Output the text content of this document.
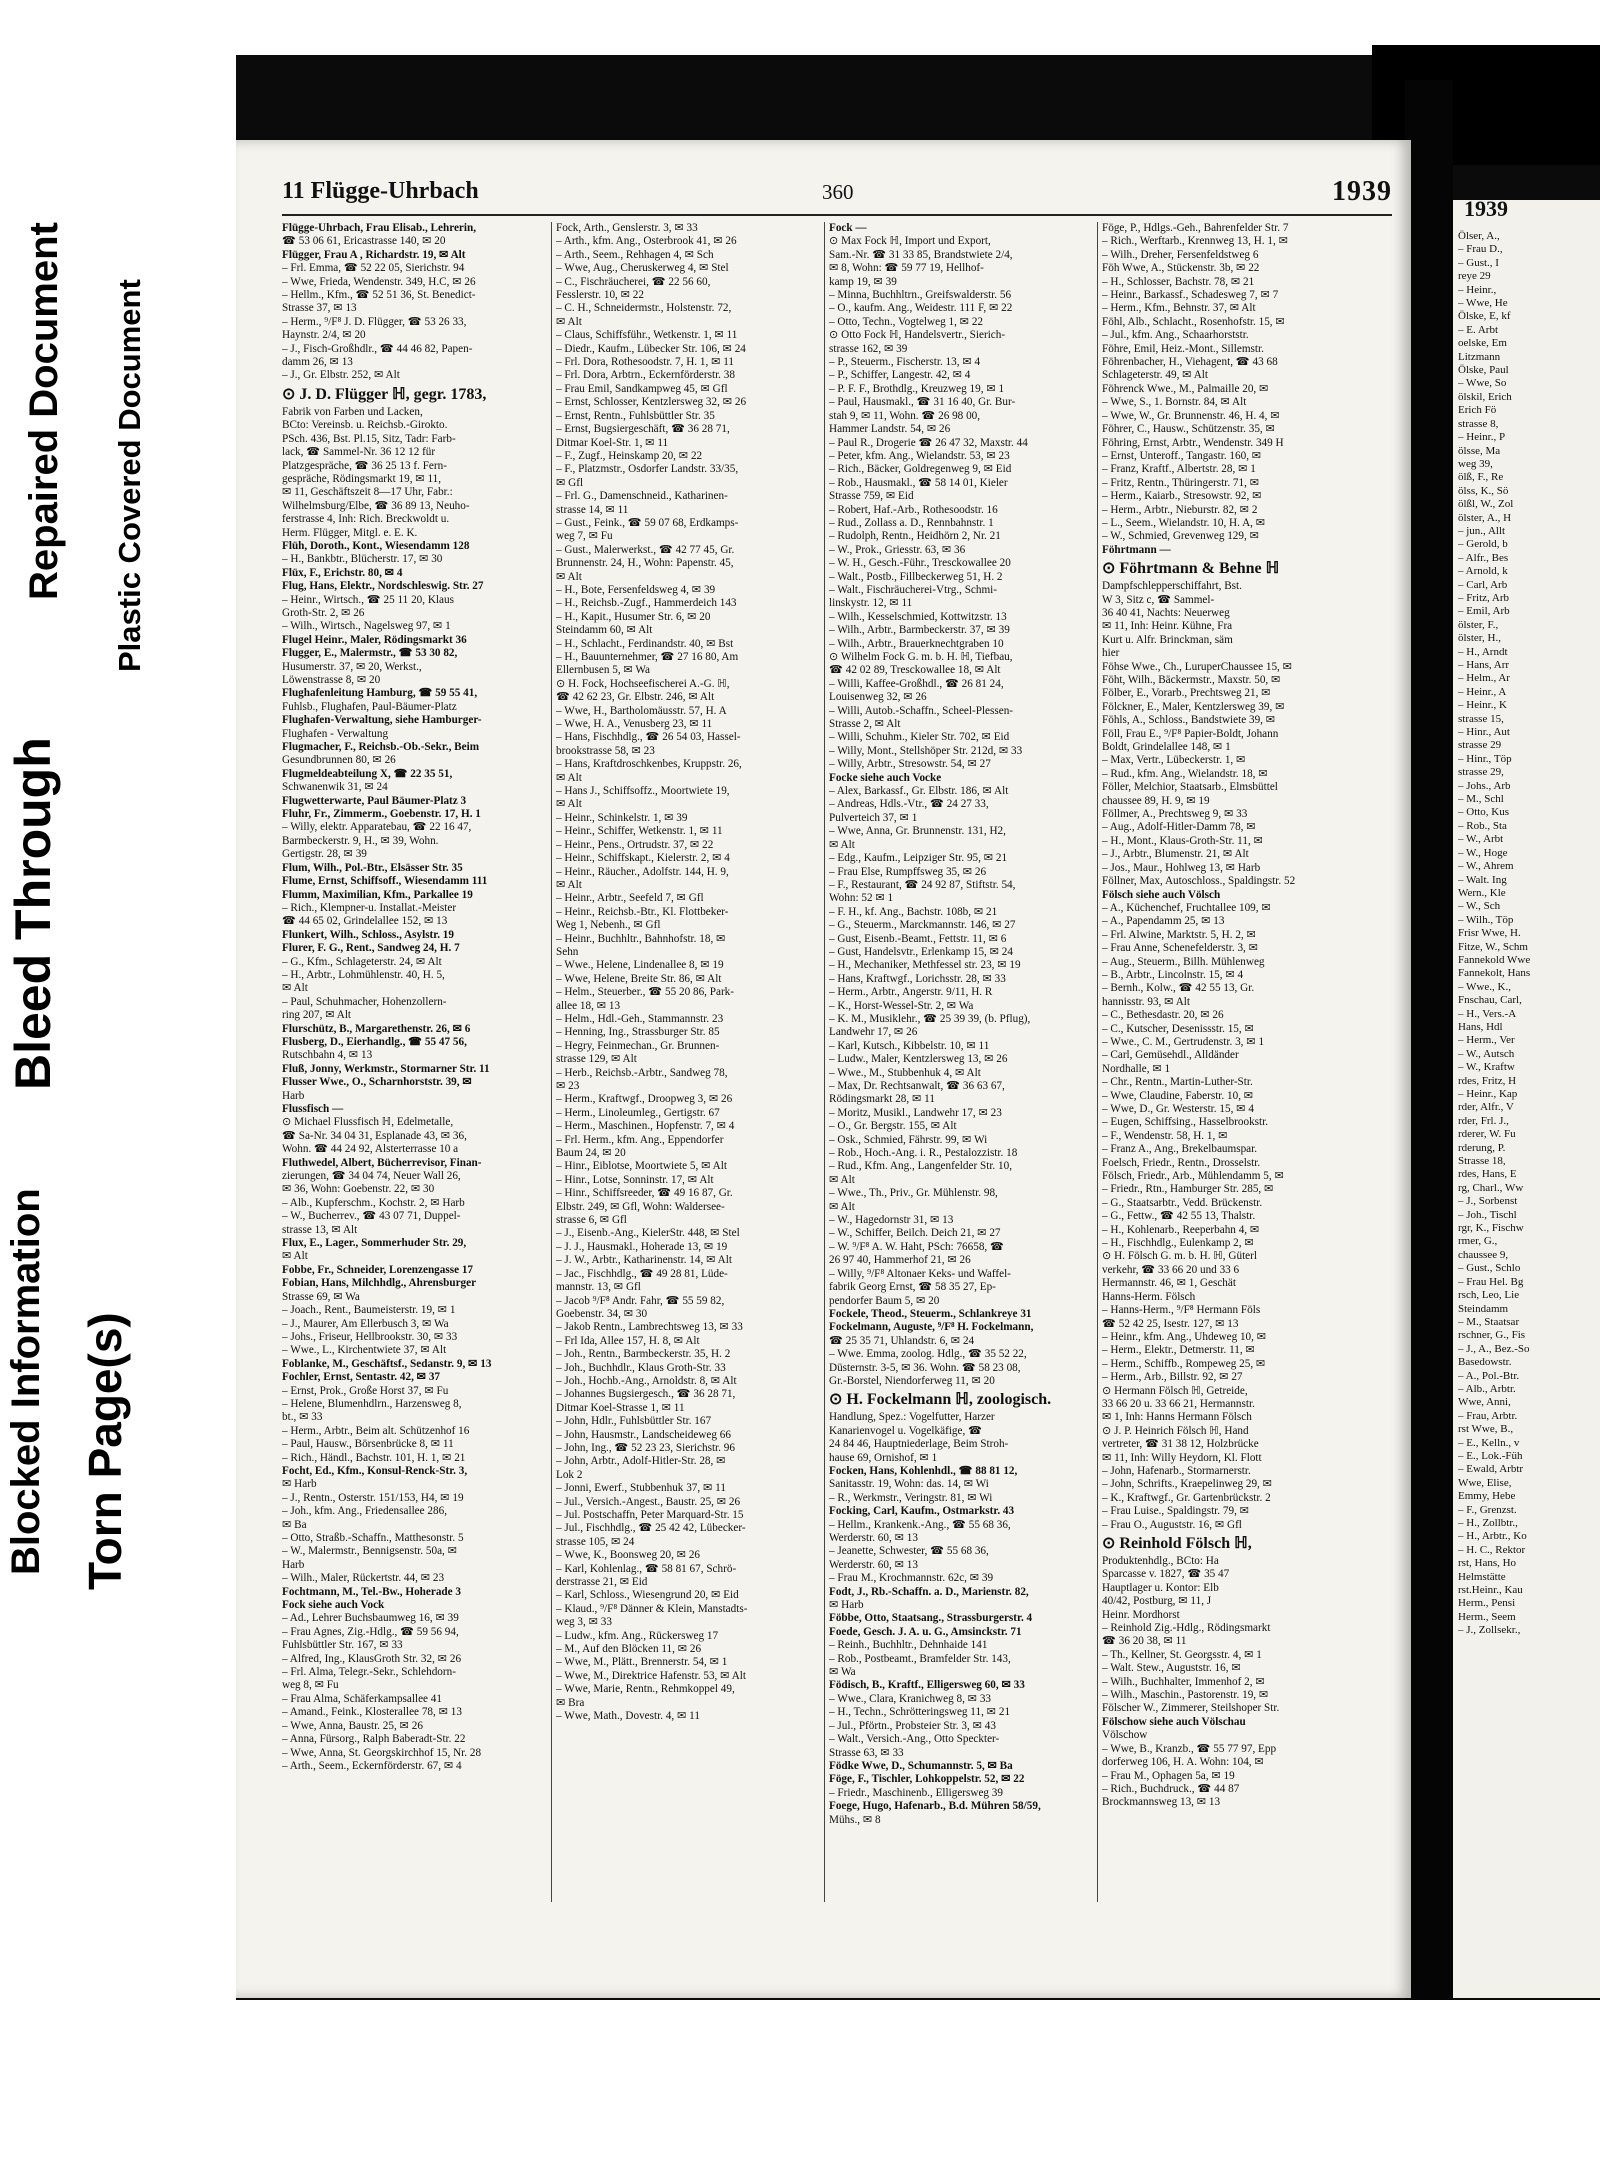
Blocked Information
Bleed Through
Repaired Document
Torn Page(s)
Plastic Covered Document
11 Flügge-Uhrbach	360	1939

Flügge-Uhrbach, Frau Elisab., Lehrerin,

☎ 53 06 61, Ericastrasse 140, ✉ 20

Flügger, Frau A , Richardstr. 19, ✉ Alt

– Frl. Emma, ☎ 52 22 05, Sierichstr. 94

– Wwe, Frieda, Wendenstr. 349, H.C, ✉ 26

– Hellm., Kfm., ☎ 52 51 36, St. Benedict-

Strasse 37, ✉ 13

– Herm., ⁹/F⁸ J. D. Flügger, ☎ 53 26 33,

Haynstr. 2/4, ✉ 20

– J., Fisch-Großhdlr., ☎ 44 46 82, Papen-

damm 26, ✉ 13

– J., Gr. Elbstr. 252, ✉ Alt

⊙ J. D. Flügger ℍ, gegr. 1783,

Fabrik von Farben und Lacken,

BCto: Vereinsb. u. Reichsb.-Girokto.

PSch. 436, Bst. Pl.15, Sitz, Tadr: Farb-

lack, ☎ Sammel-Nr. 36 12 12 für

Platzgespräche, ☎ 36 25 13 f. Fern-

gespräche, Rödingsmarkt 19, ✉ 11,

✉ 11, Geschäftszeit 8—17 Uhr, Fabr.:

Wilhelmsburg/Elbe, ☎ 36 89 13, Neuho-

ferstrasse 4, Inh: Rich. Breckwoldt u.

Herm. Flügger, Mitgl. e. E. K.

Flüh, Doroth., Kont., Wiesendamm 128

– H., Bankbtr., Blücherstr. 17, ✉ 30

Flüx, F., Erichstr. 80, ✉ 4

Flug, Hans, Elektr., Nordschleswig. Str. 27

– Heinr., Wirtsch., ☎ 25 11 20, Klaus

Groth-Str. 2, ✉ 26

– Wilh., Wirtsch., Nagelsweg 97, ✉ 1

Flugel Heinr., Maler, Rödingsmarkt 36

Flugger, E., Malermstr., ☎ 53 30 82,

Husumerstr. 37, ✉ 20, Werkst.,

Löwenstrasse 8, ✉ 20

Flughafenleitung Hamburg, ☎ 59 55 41,

Fuhlsb., Flughafen, Paul-Bäumer-Platz

Flughafen-Verwaltung, siehe Hamburger-

Flughafen - Verwaltung

Flugmacher, F., Reichsb.-Ob.-Sekr., Beim

Gesundbrunnen 80, ✉ 26

Flugmeldeabteilung X, ☎ 22 35 51,

Schwanenwik 31, ✉ 24

Flugwetterwarte, Paul Bäumer-Platz 3

Fluhr, Fr., Zimmerm., Goebenstr. 17, H. 1

– Willy, elektr. Apparatebau, ☎ 22 16 47,

Barmbeckerstr. 9, H., ✉ 39, Wohn.

Gertigstr. 28, ✉ 39

Flum, Wilh., Pol.-Btr., Elsässer Str. 35

Flume, Ernst, Schiffsoff., Wiesendamm 111

Flumm, Maximilian, Kfm., Parkallee 19

– Rich., Klempner-u. Installat.-Meister

☎ 44 65 02, Grindelallee 152, ✉ 13

Flunkert, Wilh., Schloss., Asylstr. 19

Flurer, F. G., Rent., Sandweg 24, H. 7

– G., Kfm., Schlageterstr. 24, ✉ Alt

– H., Arbtr., Lohmühlenstr. 40, H. 5,

✉ Alt

– Paul, Schuhmacher, Hohenzollern-

ring 207, ✉ Alt

Flurschütz, B., Margarethenstr. 26, ✉ 6

Flusberg, D., Eierhandlg., ☎ 55 47 56,

Rutschbahn 4, ✉ 13

Fluß, Jonny, Werkmstr., Stormarner Str. 11

Flusser Wwe., O., Scharnhorststr. 39, ✉

Harb

Flussfisch —

⊙ Michael Flussfisch ℍ, Edelmetalle,

☎ Sa-Nr. 34 04 31, Esplanade 43, ✉ 36,

Wohn. ☎ 44 24 92, Alsterterrasse 10 a

Fluthwedel, Albert, Bücherrevisor, Finan-

zierungen, ☎ 34 04 74, Neuer Wall 26,

✉ 36, Wohn: Goebenstr. 22, ✉ 30

– Alb., Kupferschm., Kochstr. 2, ✉ Harb

– W., Bucherrev., ☎ 43 07 71, Duppel-

strasse 13, ✉ Alt

Flux, E., Lager., Sommerhuder Str. 29,

✉ Alt

Fobbe, Fr., Schneider, Lorenzengasse 17

Fobian, Hans, Milchhdlg., Ahrensburger

Strasse 69, ✉ Wa

– Joach., Rent., Baumeisterstr. 19, ✉ 1

– J., Maurer, Am Ellerbusch 3, ✉ Wa

– Johs., Friseur, Hellbrookstr. 30, ✉ 33

– Wwe., L., Kirchentwiete 37, ✉ Alt

Foblanke, M., Geschäftsf., Sedanstr. 9, ✉ 13

Fochler, Ernst, Sentastr. 42, ✉ 37

– Ernst, Prok., Große Horst 37, ✉ Fu

– Helene, Blumenhdlrn., Harzensweg 8,

bt., ✉ 33

– Herm., Arbtr., Beim alt. Schützenhof 16

– Paul, Hausw., Börsenbrücke 8, ✉ 11

– Rich., Händl., Bachstr. 101, H. 1, ✉ 21

Focht, Ed., Kfm., Konsul-Renck-Str. 3,

✉ Harb

– J., Rentn., Osterstr. 151/153, H4, ✉ 19

– Joh., kfm. Ang., Friedensallee 286,

✉ Ba

– Otto, Straßb.-Schaffn., Matthesonstr. 5

– W., Malermstr., Bennigsenstr. 50a, ✉

Harb

– Wilh., Maler, Rückertstr. 44, ✉ 23

Fochtmann, M., Tel.-Bw., Hoherade 3

Fock siehe auch Vock

– Ad., Lehrer Buchsbaumweg 16, ✉ 39

– Frau Agnes, Zig.-Hdlg., ☎ 59 56 94,

Fuhlsbüttler Str. 167, ✉ 33

– Alfred, Ing., KlausGroth Str. 32, ✉ 26

– Frl. Alma, Telegr.-Sekr., Schlehdorn-

weg 8, ✉ Fu

– Frau Alma, Schäferkampsallee 41

– Amand., Feink., Klosterallee 78, ✉ 13

– Wwe, Anna, Baustr. 25, ✉ 26

– Anna, Fürsorg., Ralph Baberadt-Str. 22

– Wwe, Anna, St. Georgskirchhof 15, Nr. 28

– Arth., Seem., Eckernförderstr. 67, ✉ 4

Fock, Arth., Genslerstr. 3, ✉ 33

– Arth., kfm. Ang., Osterbrook 41, ✉ 26

– Arth., Seem., Rehhagen 4, ✉ Sch

– Wwe, Aug., Cheruskerweg 4, ✉ Stel

– C., Fischräucherei, ☎ 22 56 60,

Fesslerstr. 10, ✉ 22

– C. H., Schneidermstr., Holstenstr. 72,

✉ Alt

– Claus, Schiffsführ., Wetkenstr. 1, ✉ 11

– Diedr., Kaufm., Lübecker Str. 106, ✉ 24

– Frl. Dora, Rothesoodstr. 7, H. 1, ✉ 11

– Frl. Dora, Arbtrn., Eckernförderstr. 38

– Frau Emil, Sandkampweg 45, ✉ Gfl

– Ernst, Schlosser, Kentzlersweg 32, ✉ 26

– Ernst, Rentn., Fuhlsbüttler Str. 35

– Ernst, Bugsiergeschäft, ☎ 36 28 71,

Ditmar Koel-Str. 1, ✉ 11

– F., Zugf., Heinskamp 20, ✉ 22

– F., Platzmstr., Osdorfer Landstr. 33/35,

✉ Gfl

– Frl. G., Damenschneid., Katharinen-

strasse 14, ✉ 11

– Gust., Feink., ☎ 59 07 68, Erdkamps-

weg 7, ✉ Fu

– Gust., Malerwerkst., ☎ 42 77 45, Gr.

Brunnenstr. 24, H., Wohn: Papenstr. 45,

✉ Alt

– H., Bote, Fersenfeldsweg 4, ✉ 39

– H., Reichsb.-Zugf., Hammerdeich 143

– H., Kapit., Husumer Str. 6, ✉ 20

Steindamm 60, ✉ Alt

– H., Schlacht., Ferdinandstr. 40, ✉ Bst

– H., Bauunternehmer, ☎ 27 16 80, Am

Ellernbusen 5, ✉ Wa

⊙ H. Fock, Hochseefischerei A.-G. ℍ,

☎ 42 62 23, Gr. Elbstr. 246, ✉ Alt

– Wwe, H., Bartholomäusstr. 57, H. A

– Wwe, H. A., Venusberg 23, ✉ 11

– Hans, Fischhdlg., ☎ 26 54 03, Hassel-

brookstrasse 58, ✉ 23

– Hans, Kraftdroschkenbes, Kruppstr. 26,

✉ Alt

– Hans J., Schiffsoffz., Moortwiete 19,

✉ Alt

– Heinr., Schinkelstr. 1, ✉ 39

– Heinr., Schiffer, Wetkenstr. 1, ✉ 11

– Heinr., Pens., Ortrudstr. 37, ✉ 22

– Heinr., Schiffskapt., Kielerstr. 2, ✉ 4

– Heinr., Räucher., Adolfstr. 144, H. 9,

✉ Alt

– Heinr., Arbtr., Seefeld 7, ✉ Gfl

– Heinr., Reichsb.-Btr., Kl. Flottbeker-

Weg 1, Nebenh., ✉ Gfl

– Heinr., Buchhltr., Bahnhofstr. 18, ✉

Sehn

– Wwe., Helene, Lindenallee 8, ✉ 19

– Wwe, Helene, Breite Str. 86, ✉ Alt

– Helm., Steuerber., ☎ 55 20 86, Park-

allee 18, ✉ 13

– Helm., Hdl.-Geh., Stammannstr. 23

– Henning, Ing., Strassburger Str. 85

– Hegry, Feinmechan., Gr. Brunnen-

strasse 129, ✉ Alt

– Herb., Reichsb.-Arbtr., Sandweg 78,

✉ 23

– Herm., Kraftwgf., Droopweg 3, ✉ 26

– Herm., Linoleumleg., Gertigstr. 67

– Herm., Maschinen., Hopfenstr. 7, ✉ 4

– Frl. Herm., kfm. Ang., Eppendorfer

Baum 24, ✉ 20

– Hinr., Eiblotse, Moortwiete 5, ✉ Alt

– Hinr., Lotse, Sonninstr. 17, ✉ Alt

– Hinr., Schiffsreeder, ☎ 49 16 87, Gr.

Elbstr. 249, ✉ Gfl, Wohn: Waldersee-

strasse 6, ✉ Gfl

– J., Eisenb.-Ang., KielerStr. 448, ✉ Stel

– J. J., Hausmakl., Hoherade 13, ✉ 19

– J. W., Arbtr., Katharinenstr. 14, ✉ Alt

– Jac., Fischhdlg., ☎ 49 28 81, Lüde-

mannstr. 13, ✉ Gfl

– Jacob ⁹/F⁸ Andr. Fahr, ☎ 55 59 82,

Goebenstr. 34, ✉ 30

– Jakob Rentn., Lambrechtsweg 13, ✉ 33

– Frl Ida, Allee 157, H. 8, ✉ Alt

– Joh., Rentn., Barmbeckerstr. 35, H. 2

– Joh., Buchhdlr., Klaus Groth-Str. 33

– Joh., Hochb.-Ang., Arnoldstr. 8, ✉ Alt

– Johannes Bugsiergesch., ☎ 36 28 71,

Ditmar Koel-Strasse 1, ✉ 11

– John, Hdlr., Fuhlsbüttler Str. 167

– John, Hausmstr., Landscheideweg 66

– John, Ing., ☎ 52 23 23, Sierichstr. 96

– John, Arbtr., Adolf-Hitler-Str. 28, ✉

Lok 2

– Jonni, Ewerf., Stubbenhuk 37, ✉ 11

– Jul., Versich.-Angest., Baustr. 25, ✉ 26

– Jul. Postschaffn, Peter Marquard-Str. 15

– Jul., Fischhdlg., ☎ 25 42 42, Lübecker-

strasse 105, ✉ 24

– Wwe, K., Boonsweg 20, ✉ 26

– Karl, Kohlenlag., ☎ 58 81 67, Schrö-

derstrasse 21, ✉ Eid

– Karl, Schloss., Wiesengrund 20, ✉ Eid

– Klaud., ⁹/F⁸ Dänner & Klein, Manstadts-

weg 3, ✉ 33

– Ludw., kfm. Ang., Rückersweg 17

– M., Auf den Blöcken 11, ✉ 26

– Wwe, M., Plätt., Brennerstr. 54, ✉ 1

– Wwe, M., Direktrice Hafenstr. 53, ✉ Alt

– Wwe, Marie, Rentn., Rehmkoppel 49,

✉ Bra

– Wwe, Math., Dovestr. 4, ✉ 11

Fock —

⊙ Max Fock ℍ, Import und Export,

Sam.-Nr. ☎ 31 33 85, Brandstwiete 2/4,

✉ 8, Wohn: ☎ 59 77 19, Hellhof-

kamp 19, ✉ 39

– Minna, Buchhltrn., Greifswalderstr. 56

– O., kaufm. Ang., Weidestr. 111 F, ✉ 22

– Otto, Techn., Vogtelweg 1, ✉ 22

⊙ Otto Fock ℍ, Handelsvertr., Sierich-

strasse 162, ✉ 39

– P., Steuerm., Fischerstr. 13, ✉ 4

– P., Schiffer, Langestr. 42, ✉ 4

– P. F. F., Brothdlg., Kreuzweg 19, ✉ 1

– Paul, Hausmakl., ☎ 31 16 40, Gr. Bur-

stah 9, ✉ 11, Wohn. ☎ 26 98 00,

Hammer Landstr. 54, ✉ 26

– Paul R., Drogerie ☎ 26 47 32, Maxstr. 44

– Peter, kfm. Ang., Wielandstr. 53, ✉ 23

– Rich., Bäcker, Goldregenweg 9, ✉ Eid

– Rob., Hausmakl., ☎ 58 14 01, Kieler

Strasse 759, ✉ Eid

– Robert, Haf.-Arb., Rothesoodstr. 16

– Rud., Zollass a. D., Rennbahnstr. 1

– Rudolph, Rentn., Heidhörn 2, Nr. 21

– W., Prok., Griesstr. 63, ✉ 36

– W. H., Gesch.-Führ., Tresckowallee 20

– Walt., Postb., Fillbeckerweg 51, H. 2

– Walt., Fischräucherei-Vtrg., Schmi-

linskystr. 12, ✉ 11

– Wilh., Kesselschmied, Kottwitzstr. 13

– Wilh., Arbtr., Barmbeckerstr. 37, ✉ 39

– Wilh., Arbtr., Brauerknechtgraben 10

⊙ Wilhelm Fock G. m. b. H. ℍ, Tiefbau,

☎ 42 02 89, Tresckowallee 18, ✉ Alt

– Willi, Kaffee-Großhdl., ☎ 26 81 24,

Louisenweg 32, ✉ 26

– Willi, Autob.-Schaffn., Scheel-Plessen-

Strasse 2, ✉ Alt

– Willi, Schuhm., Kieler Str. 702, ✉ Eid

– Willy, Mont., Stellshöper Str. 212d, ✉ 33

– Willy, Arbtr., Stresowstr. 54, ✉ 27

Focke siehe auch Vocke

– Alex, Barkassf., Gr. Elbstr. 186, ✉ Alt

– Andreas, Hdls.-Vtr., ☎ 24 27 33,

Pulverteich 37, ✉ 1

– Wwe, Anna, Gr. Brunnenstr. 131, H2,

✉ Alt

– Edg., Kaufm., Leipziger Str. 95, ✉ 21

– Frau Else, Rumpffsweg 35, ✉ 26

– F., Restaurant, ☎ 24 92 87, Stiftstr. 54,

Wohn: 52 ✉ 1

– F. H., kf. Ang., Bachstr. 108b, ✉ 21

– G., Steuerm., Marckmannstr. 146, ✉ 27

– Gust, Eisenb.-Beamt., Fettstr. 11, ✉ 6

– Gust, Handelsvtr., Erlenkamp 15, ✉ 24

– H., Mechaniker, Methfessel str. 23, ✉ 19

– Hans, Kraftwgf., Lorichsstr. 28, ✉ 33

– Herm., Arbtr., Angerstr. 9/11, H. R

– K., Horst-Wessel-Str. 2, ✉ Wa

– K. M., Musiklehr., ☎ 25 39 39, (b. Pflug),

Landwehr 17, ✉ 26

– Karl, Kutsch., Kibbelstr. 10, ✉ 11

– Ludw., Maler, Kentzlersweg 13, ✉ 26

– Wwe., M., Stubbenhuk 4, ✉ Alt

– Max, Dr. Rechtsanwalt, ☎ 36 63 67,

Rödingsmarkt 28, ✉ 11

– Moritz, Musikl., Landwehr 17, ✉ 23

– O., Gr. Bergstr. 155, ✉ Alt

– Osk., Schmied, Fährstr. 99, ✉ Wi

– Rob., Hoch.-Ang. i. R., Pestalozzistr. 18

– Rud., Kfm. Ang., Langenfelder Str. 10,

✉ Alt

– Wwe., Th., Priv., Gr. Mühlenstr. 98,

✉ Alt

– W., Hagedornstr 31, ✉ 13

– W., Schiffer, Beilch. Deich 21, ✉ 27

– W. ⁹/F⁸ A. W. Haht, PSch: 76658, ☎

26 97 40, Hammerhof 21, ✉ 26

– Willy, ⁹/F⁸ Altonaer Keks- und Waffel-

fabrik Georg Ernst, ☎ 58 35 27, Ep-

pendorfer Baum 5, ✉ 20

Fockele, Theod., Steuerm., Schlankreye 31

Fockelmann, Auguste, ⁹/F⁸ H. Fockelmann,

☎ 25 35 71, Uhlandstr. 6, ✉ 24

– Wwe. Emma, zoolog. Hdlg., ☎ 35 52 22,

Düsternstr. 3-5, ✉ 36. Wohn. ☎ 58 23 08,

Gr.-Borstel, Niendorferweg 11, ✉ 20

⊙ H. Fockelmann ℍ, zoologisch.

Handlung, Spez.: Vogelfutter, Harzer

Kanarienvogel u. Vogelkäfige, ☎

24 84 46, Hauptniederlage, Beim Stroh-

hause 69, Ornishof, ✉ 1

Focken, Hans, Kohlenhdl., ☎ 88 81 12,

Sanitasstr. 19, Wohn: das. 14, ✉ Wi

– R., Werkmstr., Veringstr. 81, ✉ Wi

Focking, Carl, Kaufm., Ostmarkstr. 43

– Hellm., Krankenk.-Ang., ☎ 55 68 36,

Werderstr. 60, ✉ 13

– Jeanette, Schwester, ☎ 55 68 36,

Werderstr. 60, ✉ 13

– Frau M., Krochmannstr. 62c, ✉ 39

Fodt, J., Rb.-Schaffn. a. D., Marienstr. 82,

✉ Harb

Föbbe, Otto, Staatsang., Strassburgerstr. 4

Foede, Gesch. J. A. u. G., Amsinckstr. 71

– Reinh., Buchhltr., Dehnhaide 141

– Rob., Postbeamt., Bramfelder Str. 143,

✉ Wa

Födisch, B., Kraftf., Elligersweg 60, ✉ 33

– Wwe., Clara, Kranichweg 8, ✉ 33

– H., Techn., Schrötteringsweg 11, ✉ 21

– Jul., Pförtn., Probsteier Str. 3, ✉ 43

– Walt., Versich.-Ang., Otto Speckter-

Strasse 63, ✉ 33

Födke Wwe, D., Schumannstr. 5, ✉ Ba

Föge, F., Tischler, Lohkoppelstr. 52, ✉ 22

– Friedr., Maschinenb., Elligersweg 39

Foege, Hugo, Hafenarb., B.d. Mühren 58/59,

Mühs., ✉ 8

Föge, P., Hdlgs.-Geh., Bahrenfelder Str. 7

– Rich., Werftarb., Krennweg 13, H. 1, ✉

– Wilh., Dreher, Fersenfeldstweg 6

Föh Wwe, A., Stückenstr. 3b, ✉ 22

– H., Schlosser, Bachstr. 78, ✉ 21

– Heinr., Barkassf., Schadesweg 7, ✉ 7

– Herm., Kfm., Behnstr. 37, ✉ Alt

Föhl, Alb., Schlacht., Rosenhofstr. 15, ✉

– Jul., kfm. Ang., Schaarhorststr.

Föhre, Emil, Heiz.-Mont., Sillemstr.

Föhrenbacher, H., Viehagent, ☎ 43 68

Schlageterstr. 49, ✉ Alt

Föhrenck Wwe., M., Palmaille 20, ✉

– Wwe, S., 1. Bornstr. 84, ✉ Alt

– Wwe, W., Gr. Brunnenstr. 46, H. 4, ✉

Föhrer, C., Hausw., Schützenstr. 35, ✉

Föhring, Ernst, Arbtr., Wendenstr. 349 H

– Ernst, Unteroff., Tangastr. 160, ✉

– Franz, Kraftf., Albertstr. 28, ✉ 1

– Fritz, Rentn., Thüringerstr. 71, ✉

– Herm., Kaiarb., Stresowstr. 92, ✉

– Herm., Arbtr., Nieburstr. 82, ✉ 2

– L., Seem., Wielandstr. 10, H. A, ✉

– W., Schmied, Grevenweg 129, ✉

Föhrtmann —

⊙ Föhrtmann & Behne ℍ

Dampfschlepperschiffahrt, Bst.

W 3, Sitz c, ☎ Sammel-

36 40 41, Nachts: Neuerweg

✉ 11, Inh: Heinr. Kühne, Fra

Kurt u. Alfr. Brinckman, säm

hier

Föhse Wwe., Ch., LuruperChaussee 15, ✉

Föht, Wilh., Bäckermstr., Maxstr. 50, ✉

Fölber, E., Vorarb., Prechtsweg 21, ✉

Fölckner, E., Maler, Kentzlersweg 39, ✉

Föhls, A., Schloss., Bandstwiete 39, ✉

Föll, Frau E., ⁹/F⁸ Papier-Boldt, Johann

Boldt, Grindelallee 148, ✉ 1

– Max, Vertr., Lübeckerstr. 1, ✉

– Rud., kfm. Ang., Wielandstr. 18, ✉

Föller, Melchior, Staatsarb., Elmsbüttel

chaussee 89, H. 9, ✉ 19

Föllmer, A., Prechtsweg 9, ✉ 33

– Aug., Adolf-Hitler-Damm 78, ✉

– H., Mont., Klaus-Groth-Str. 11, ✉

– J., Arbtr., Blumenstr. 21, ✉ Alt

– Jos., Maur., Hohlweg 13, ✉ Harb

Föllner, Max, Autoschloss., Spaldingstr. 52

Fölsch siehe auch Völsch

– A., Küchenchef, Fruchtallee 109, ✉

– A., Papendamm 25, ✉ 13

– Frl. Alwine, Marktstr. 5, H. 2, ✉

– Frau Anne, Schenefelderstr. 3, ✉

– Aug., Steuerm., Billh. Mühlenweg

– B., Arbtr., Lincolnstr. 15, ✉ 4

– Bernh., Kolw., ☎ 42 55 13, Gr.

hannisstr. 93, ✉ Alt

– C., Bethesdastr. 20, ✉ 26

– C., Kutscher, Desenissstr. 15, ✉

– Wwe., C. M., Gertrudenstr. 3, ✉ 1

– Carl, Gemüsehdl., Alldänder

Nordhalle, ✉ 1

– Chr., Rentn., Martin-Luther-Str.

– Wwe, Claudine, Faberstr. 10, ✉

– Wwe, D., Gr. Westerstr. 15, ✉ 4

– Eugen, Schiffsing., Hasselbrookstr.

– F., Wendenstr. 58, H. 1, ✉

– Franz A., Ang., Brekelbaumspar.

Foelsch, Friedr., Rentn., Drosselstr.

Fölsch, Friedr., Arb., Mühlendamm 5, ✉

– Friedr., Rtn., Hamburger Str. 285, ✉

– G., Staatsarbtr., Vedd. Brückenstr.

– G., Fettw., ☎ 42 55 13, Thalstr.

– H., Kohlenarb., Reeperbahn 4, ✉

– H., Fischhdlg., Eulenkamp 2, ✉

⊙ H. Fölsch G. m. b. H. ℍ, Güterl

verkehr, ☎ 33 66 20 und 33 6

Hermannstr. 46, ✉ 1, Geschät

Hanns-Herm. Fölsch

– Hanns-Herm., ⁹/F⁸ Hermann Föls

☎ 52 42 25, Isestr. 127, ✉ 13

– Heinr., kfm. Ang., Uhdeweg 10, ✉

– Herm., Elektr., Detmerstr. 11, ✉

– Herm., Schiffb., Rompeweg 25, ✉

– Herm., Arb., Billstr. 92, ✉ 27

⊙ Hermann Fölsch ℍ, Getreide,

33 66 20 u. 33 66 21, Hermannstr.

✉ 1, Inh: Hanns Hermann Fölsch

⊙ J. P. Heinrich Fölsch ℍ, Hand

vertreter, ☎ 31 38 12, Holzbrücke

✉ 11, Inh: Willy Heydorn, Kl. Flott

– John, Hafenarb., Stormarnerstr.

– John, Schrifts., Kraepelinweg 29, ✉

– K., Kraftwgf., Gr. Gartenbrückstr. 2

– Frau Luise., Spaldingstr. 79, ✉

– Frau O., Auguststr. 16, ✉ Gfl

⊙ Reinhold Fölsch ℍ,

Produktenhdlg., BCto: Ha

Sparcasse v. 1827, ☎ 35 47

Hauptlager u. Kontor: Elb

40/42, Postburg, ✉ 11, J

Heinr. Mordhorst

– Reinhold Zig.-Hdlg., Rödingsmarkt

☎ 36 20 38, ✉ 11

– Th., Kellner, St. Georgsstr. 4, ✉ 1

– Walt. Stew., Auguststr. 16, ✉

– Wilh., Buchhalter, Immenhof 2, ✉

– Wilh., Maschin., Pastorenstr. 19, ✉

Fölscher W., Zimmerer, Steilshoper Str.

Fölschow siehe auch Völschau

Völschow

– Wwe, B., Kranzb., ☎ 55 77 97, Epp

dorferweg 106, H. A. Wohn: 104, ✉

– Frau M., Ophagen 5a, ✉ 19

– Rich., Buchdruck., ☎ 44 87

Brockmannsweg 13, ✉ 13

1939

Ölser, A.,

– Frau D.,

– Gust., I

reye 29

– Heinr.,

– Wwe, He

Ölske, E, kf

– E. Arbt

oelske, Em

Litzmann

Ölske, Paul

– Wwe, So

ölskil, Erich

Erich Fö

strasse 8,

– Heinr., P

ölsse, Ma

weg 39,

ölß, F., Re

ölss, K., Sö

ölßl, W., Zol

ölster, A., H

– jun., Allt

– Gerold, b

– Alfr., Bes

– Arnold, k

– Carl, Arb

– Fritz, Arb

– Emil, Arb

ölster, F.,

ölster, H.,

– H., Arndt

– Hans, Arr

– Helm., Ar

– Heinr., A

– Heinr., K

strasse 15,

– Hinr., Aut

strasse 29

– Hinr., Töp

strasse 29,

– Johs., Arb

– M., Schl

– Otto, Kus

– Rob., Sta

– W., Arbt

– W., Hoge

– W., Ahrem

– Walt. Ing

Wern., Kle

– W., Sch

– Wilh., Töp

Frisr Wwe, H.

Fitze, W., Schm

Fannekold Wwe

Fannekolt, Hans

– Wwe., K.,

Fnschau, Carl,

– H., Vers.-A

Hans, Hdl

– Herm., Ver

– W., Autsch

– W., Kraftw

rdes, Fritz, H

– Heinr., Kap

rder, Alfr., V

rder, Frl. J.,

rderer, W. Fu

rderung, P.

Strasse 18,

rdes, Hans, E

rg, Charl., Ww

– J., Sorbenst

– Joh., Tischl

rgr, K., Fischw

rmer, G.,

chaussee 9,

– Gust., Schlo

– Frau Hel. Bg

rsch, Leo, Lie

Steindamm

– M., Staatsar

rschner, G., Fis

– J., A., Bez.-So

Basedowstr.

– A., Pol.-Btr.

– Alb., Arbtr.

Wwe, Anni,

– Frau, Arbtr.

rst Wwe, B.,

– E., Kelln., v

– E., Lok.-Füh

– Ewald, Arbtr

Wwe, Elise,

Emmy, Hebe

– F., Grenzst.

– H., Zollbtr.,

– H., Arbtr., Ko

– H. C., Rektor

rst, Hans, Ho

Helmstätte

rst.Heinr., Kau

Herm., Pensi

Herm., Seem

– J., Zollsekr.,
